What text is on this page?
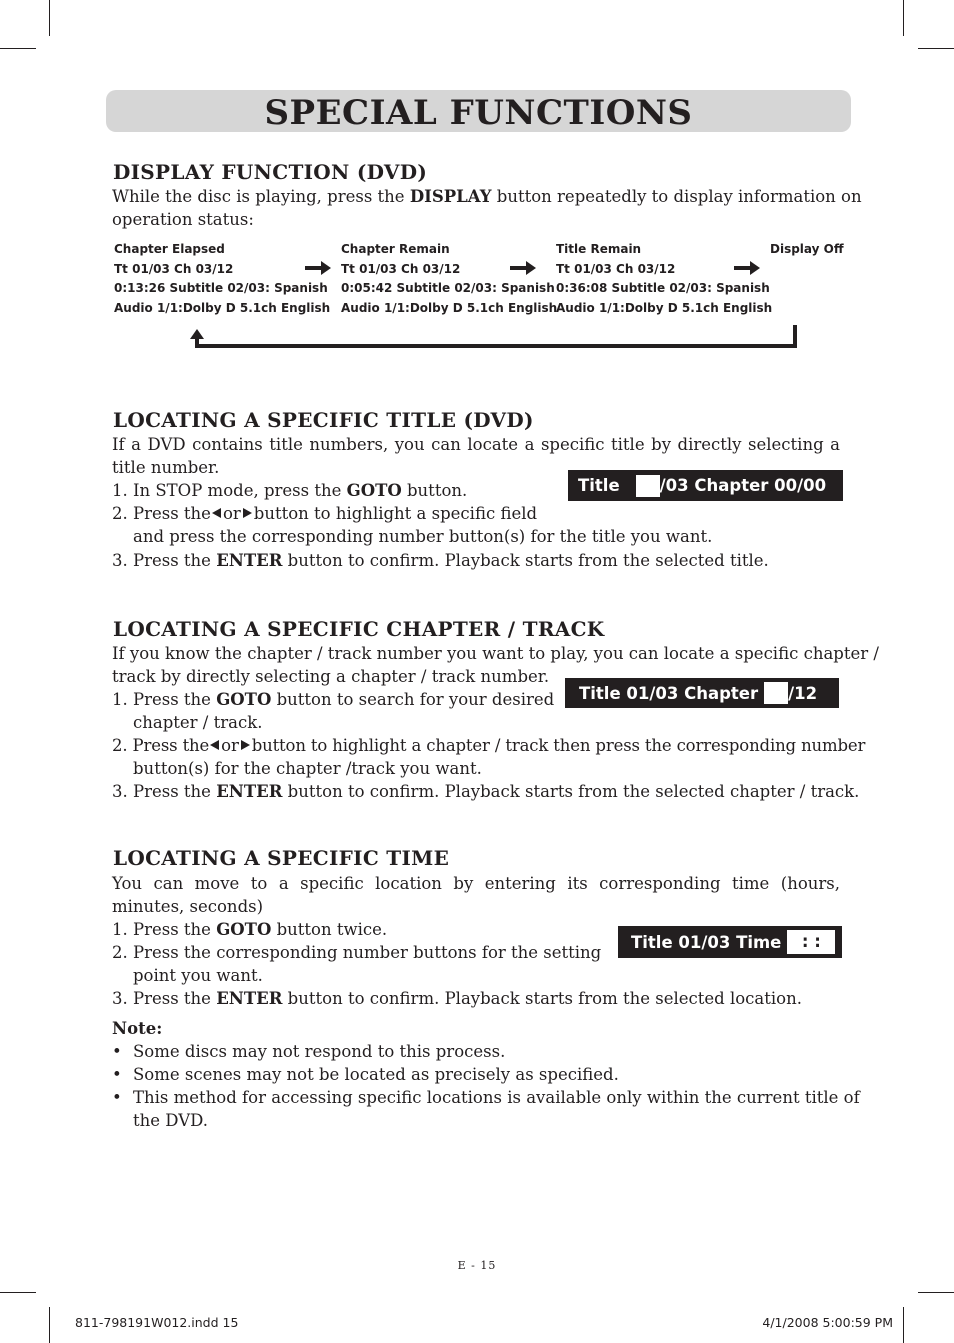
SPECIAL FUNCTIONS
DISPLAY FUNCTION (DVD)
While the disc is playing, press the DISPLAY button repeatedly to display information on
operation status:
Chapter Elapsed
Tt 01/03 Ch 03/12
0:13:26 Subtitle 02/03: Spanish
Audio 1/1:Dolby D 5.1ch English
Chapter Remain
Tt 01/03 Ch 03/12
0:05:42 Subtitle 02/03: Spanish
Audio 1/1:Dolby D 5.1ch English
Title Remain
Tt 01/03 Ch 03/12
0:36:08 Subtitle 02/03: Spanish
Audio 1/1:Dolby D 5.1ch English
Display Off
LOCATING A SPECIFIC TITLE (DVD)
If a DVD contains title numbers, you can locate a specific title by directly selecting a title number.
1. In STOP mode, press the GOTO button.
2. Press the or button to highlight a specific field
and press the corresponding number button(s) for the title you want.
3. Press the ENTER button to confirm. Playback starts from the selected title.
Title /03 Chapter 00/00
LOCATING A SPECIFIC CHAPTER / TRACK
If you know the chapter / track number you want to play, you can locate a specific chapter /
track by directly selecting a chapter / track number.
1. Press the GOTO button to search for your desired
chapter / track.
2. Press the or button to highlight a chapter / track then press the corresponding number
button(s) for the chapter /track you want.
3. Press the ENTER button to confirm. Playback starts from the selected chapter / track.
Title 01/03 Chapter /12
LOCATING A SPECIFIC TIME
You can move to a specific location by entering its corresponding time (hours, minutes, seconds)
1. Press the GOTO button twice.
2. Press the corresponding number buttons for the setting
point you want.
3. Press the ENTER button to confirm. Playback starts from the selected location.
Title 01/03 Time	: :
Note:
• Some discs may not respond to this process.
• Some scenes may not be located as precisely as specified.
• This method for accessing specific locations is available only within the current title of
the DVD.
E - 15
811-798191W012.indd 15	4/1/2008 5:00:59 PM
